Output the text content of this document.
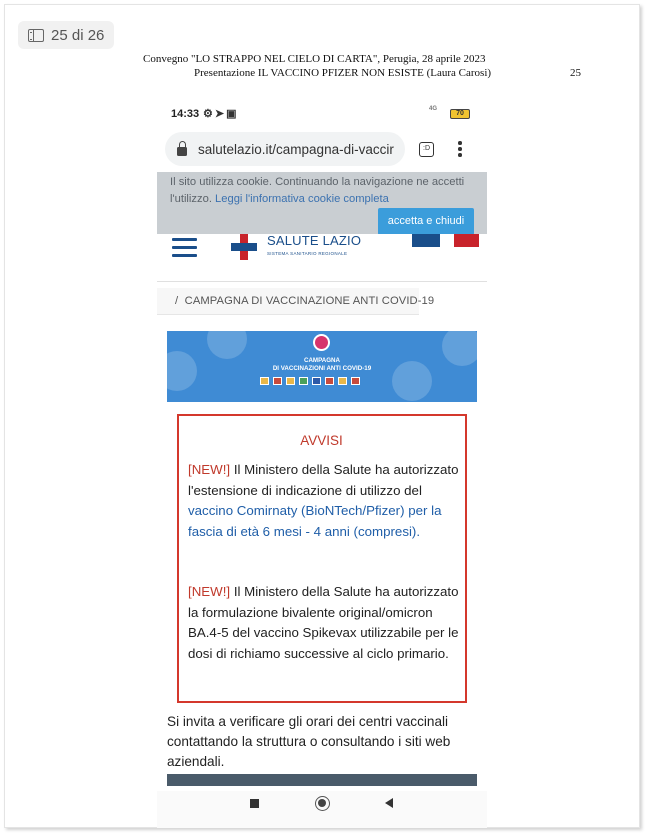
25 di 26
Convegno "LO STRAPPO NEL CIELO DI CARTA", Perugia, 28 aprile 2023
Presentazione IL VACCINO PFIZER NON ESISTE (Laura Carosi)	25
14:33 ⚙➤▣	4G
70
salutelazio.it/campagna-di-vaccir	:D
Il sito utilizza cookie. Continuando la navigazione ne accetti l'utilizzo. Leggi l'informativa cookie completa
accetta e chiudi
SALUTE LAZIO
SISTEMA SANITARIO REGIONALE
/ CAMPAGNA DI VACCINAZIONE ANTI COVID-19
CAMPAGNA
DI VACCINAZIONI ANTI COVID-19
AVVISI
[NEW!] Il Ministero della Salute ha autorizzato l'estensione di indicazione di utilizzo del vaccino Comirnaty (BioNTech/Pfizer) per la fascia di età 6 mesi - 4 anni (compresi).
[NEW!] Il Ministero della Salute ha autorizzato la formulazione bivalente original/omicron BA.4-5 del vaccino Spikevax utilizzabile per le dosi di richiamo successive al ciclo primario.
Si invita a verificare gli orari dei centri vaccinali contattando la struttura o consultando i siti web aziendali.
